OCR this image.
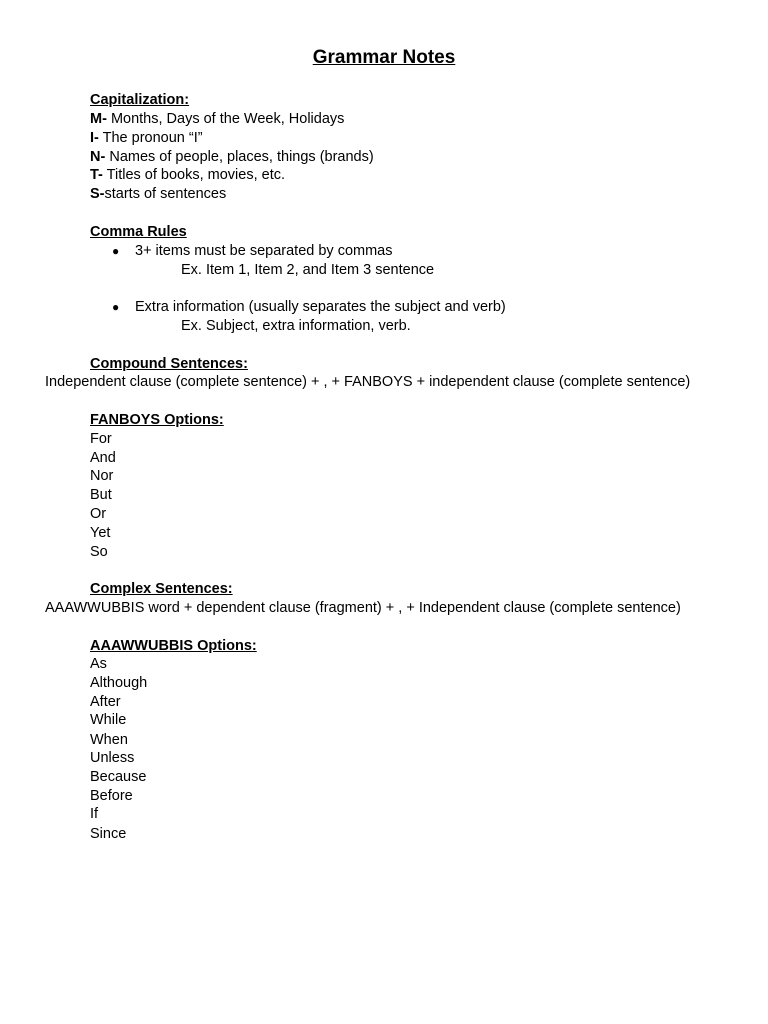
Grammar Notes
Capitalization:
M- Months, Days of the Week, Holidays
I- The pronoun “I”
N- Names of people, places, things (brands)
T- Titles of books, movies, etc.
S-starts of sentences
Comma Rules
● 3+ items must be separated by commas
Ex. Item 1, Item 2, and Item 3 sentence
● Extra information (usually separates the subject and verb)
Ex. Subject, extra information, verb.
Compound Sentences:
Independent clause (complete sentence) + , + FANBOYS + independent clause (complete sentence)
FANBOYS Options:
For
And
Nor
But
Or
Yet
So
Complex Sentences:
AAAWWUBBIS word + dependent clause (fragment) + , + Independent clause (complete sentence)
AAAWWUBBIS Options:
As
Although
After
While
When
Unless
Because
Before
If
Since
